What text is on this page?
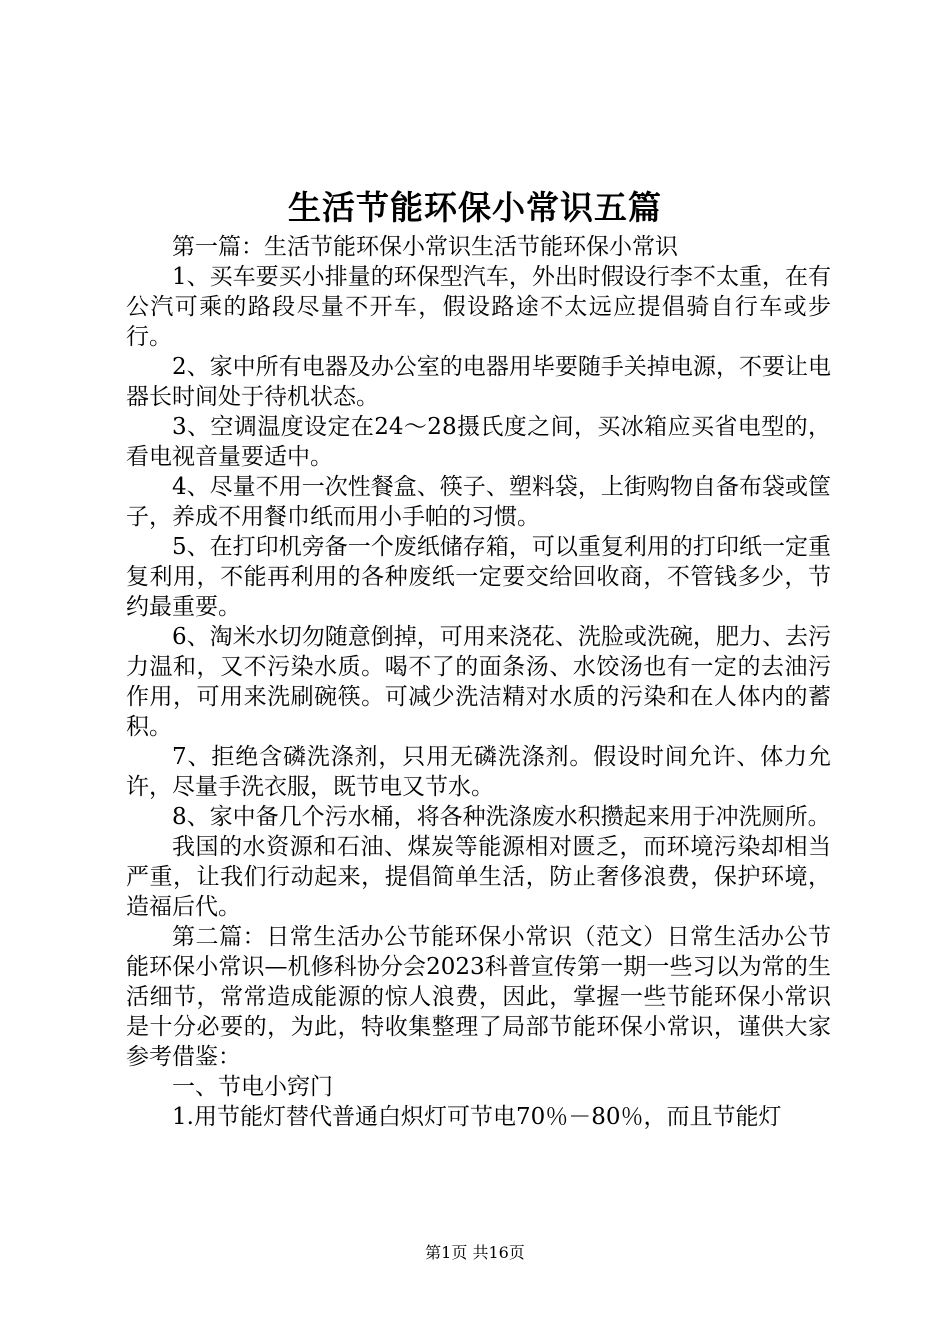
生活节能环保小常识五篇

第一篇：生活节能环保小常识生活节能环保小常识

1、买车要买小排量的环保型汽车，外出时假设行李不太重，在有公汽可乘的路段尽量不开车，假设路途不太远应提倡骑自行车或步行。

2、家中所有电器及办公室的电器用毕要随手关掉电源，不要让电器长时间处于待机状态。

3、空调温度设定在24～28摄氏度之间，买冰箱应买省电型的，看电视音量要适中。

4、尽量不用一次性餐盒、筷子、塑料袋，上街购物自备布袋或筐子，养成不用餐巾纸而用小手帕的习惯。

5、在打印机旁备一个废纸储存箱，可以重复利用的打印纸一定重复利用，不能再利用的各种废纸一定要交给回收商，不管钱多少，节约最重要。

6、淘米水切勿随意倒掉，可用来浇花、洗脸或洗碗，肥力、去污力温和，又不污染水质。喝不了的面条汤、水饺汤也有一定的去油污作用，可用来洗刷碗筷。可减少洗洁精对水质的污染和在人体内的蓄积。

7、拒绝含磷洗涤剂，只用无磷洗涤剂。假设时间允许、体力允许，尽量手洗衣服，既节电又节水。

8、家中备几个污水桶，将各种洗涤废水积攒起来用于冲洗厕所。

我国的水资源和石油、煤炭等能源相对匮乏，而环境污染却相当严重，让我们行动起来，提倡简单生活，防止奢侈浪费，保护环境，造福后代。

第二篇：日常生活办公节能环保小常识（范文）日常生活办公节能环保小常识—机修科协分会2023科普宣传第一期一些习以为常的生活细节，常常造成能源的惊人浪费，因此，掌握一些节能环保小常识是十分必要的，为此，特收集整理了局部节能环保小常识，谨供大家参考借鉴：

一、节电小窍门

1.用节能灯替代普通白炽灯可节电70％－80％，而且节能灯

第1页 共16页
